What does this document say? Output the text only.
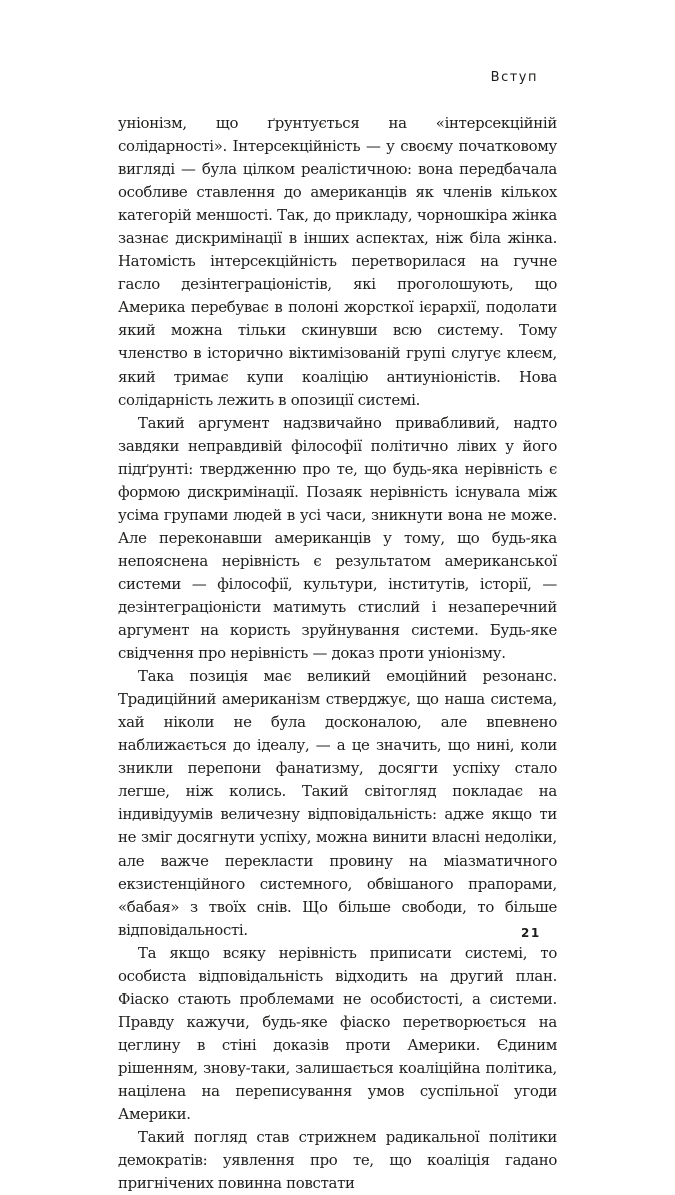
Вступ

уніонізм, що ґрунтується на «інтерсекційній солідарності». Інтерсекційність — у своєму початковому вигляді — була цілком реалістичною: вона передбачала особливе ставлення до американців як членів кількох категорій меншості. Так, до прикладу, чорношкіра жінка зазнає дискримінації в інших аспектах, ніж біла жінка. Натомість інтерсекційність перетворилася на гучне гасло дезінтеграціоністів, які проголошують, що Америка перебуває в полоні жорсткої ієрархії, подолати який можна тільки скинувши всю систему. Тому членство в історично віктимізованій групі слугує клеєм, який тримає купи коаліцію антиуніоністів. Нова солідарність лежить в опозиції системі.

Такий аргумент надзвичайно привабливий, надто завдяки неправдивій філософії політично лівих у його підґрунті: твердженню про те, що будь-яка нерівність є формою дискримінації. Позаяк нерівність існувала між усіма групами людей в усі часи, зникнути вона не може. Але переконавши американців у тому, що будь-яка непояснена нерівність є результатом американської системи — філософії, культури, інститутів, історії, — дезінтеграціоністи матимуть стислий і незаперечний аргумент на користь зруйнування системи. Будь-яке свідчення про нерівність — доказ проти уніонізму.

Така позиція має великий емоційний резонанс. Традиційний американізм стверджує, що наша система, хай ніколи не була досконалою, але впевнено наближається до ідеалу, — а це значить, що нині, коли зникли перепони фанатизму, досягти успіху стало легше, ніж колись. Такий світогляд покладає на індивідуумів величезну відповідальність: адже якщо ти не зміг досягнути успіху, можна винити власні недоліки, але важче перекласти провину на міазматичного екзистенційного системного, обвішаного прапорами, «бабая» з твоїх снів. Що більше свободи, то більше відповідальності.

Та якщо всяку нерівність приписати системі, то особиста відповідальність відходить на другий план. Фіаско стають проблемами не особистості, а системи. Правду кажучи, будь-яке фіаско перетворюється на цеглину в стіні доказів проти Америки. Єдиним рішенням, знову-таки, залишається коаліційна політика, націлена на переписування умов суспільної угоди Америки.

Такий погляд став стрижнем радикальної політики демократів: уявлення про те, що коаліція гадано пригнічених повинна повстати

21
